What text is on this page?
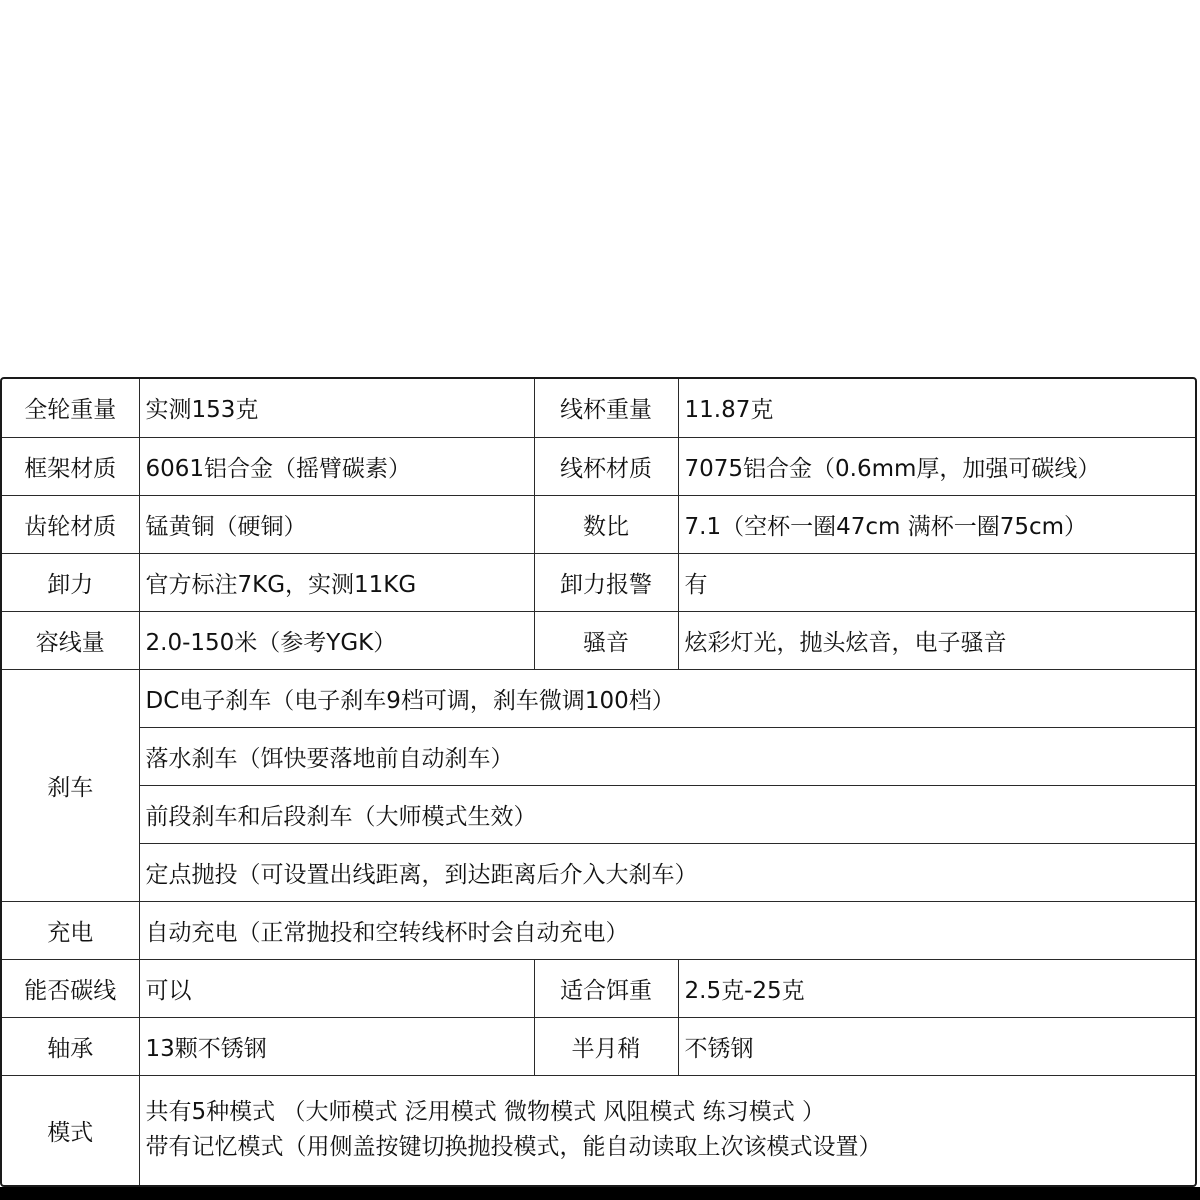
全轮重量	实测153克	线杯重量	11.87克
框架材质	6061铝合金（摇臂碳素）	线杯材质	7075铝合金（0.6mm厚，加强可碳线）
齿轮材质	锰黄铜（硬铜）	数比	7.1（空杯一圈47cm 满杯一圈75cm）
卸力	官方标注7KG，实测11KG	卸力报警	有
容线量	2.0-150米（参考YGK）	骚音	炫彩灯光，抛头炫音，电子骚音
刹车	DC电子刹车（电子刹车9档可调，刹车微调100档）		
	落水刹车（饵快要落地前自动刹车）		
	前段刹车和后段刹车（大师模式生效）		
	定点抛投（可设置出线距离，到达距离后介入大刹车）		
充电	自动充电（正常抛投和空转线杯时会自动充电）		
能否碳线	可以	适合饵重	2.5克-25克
轴承	13颗不锈钢	半月稍	不锈钢
模式	共有5种模式 （大师模式 泛用模式 微物模式 风阻模式 练习模式 ）
带有记忆模式（用侧盖按键切换抛投模式，能自动读取上次该模式设置）		
